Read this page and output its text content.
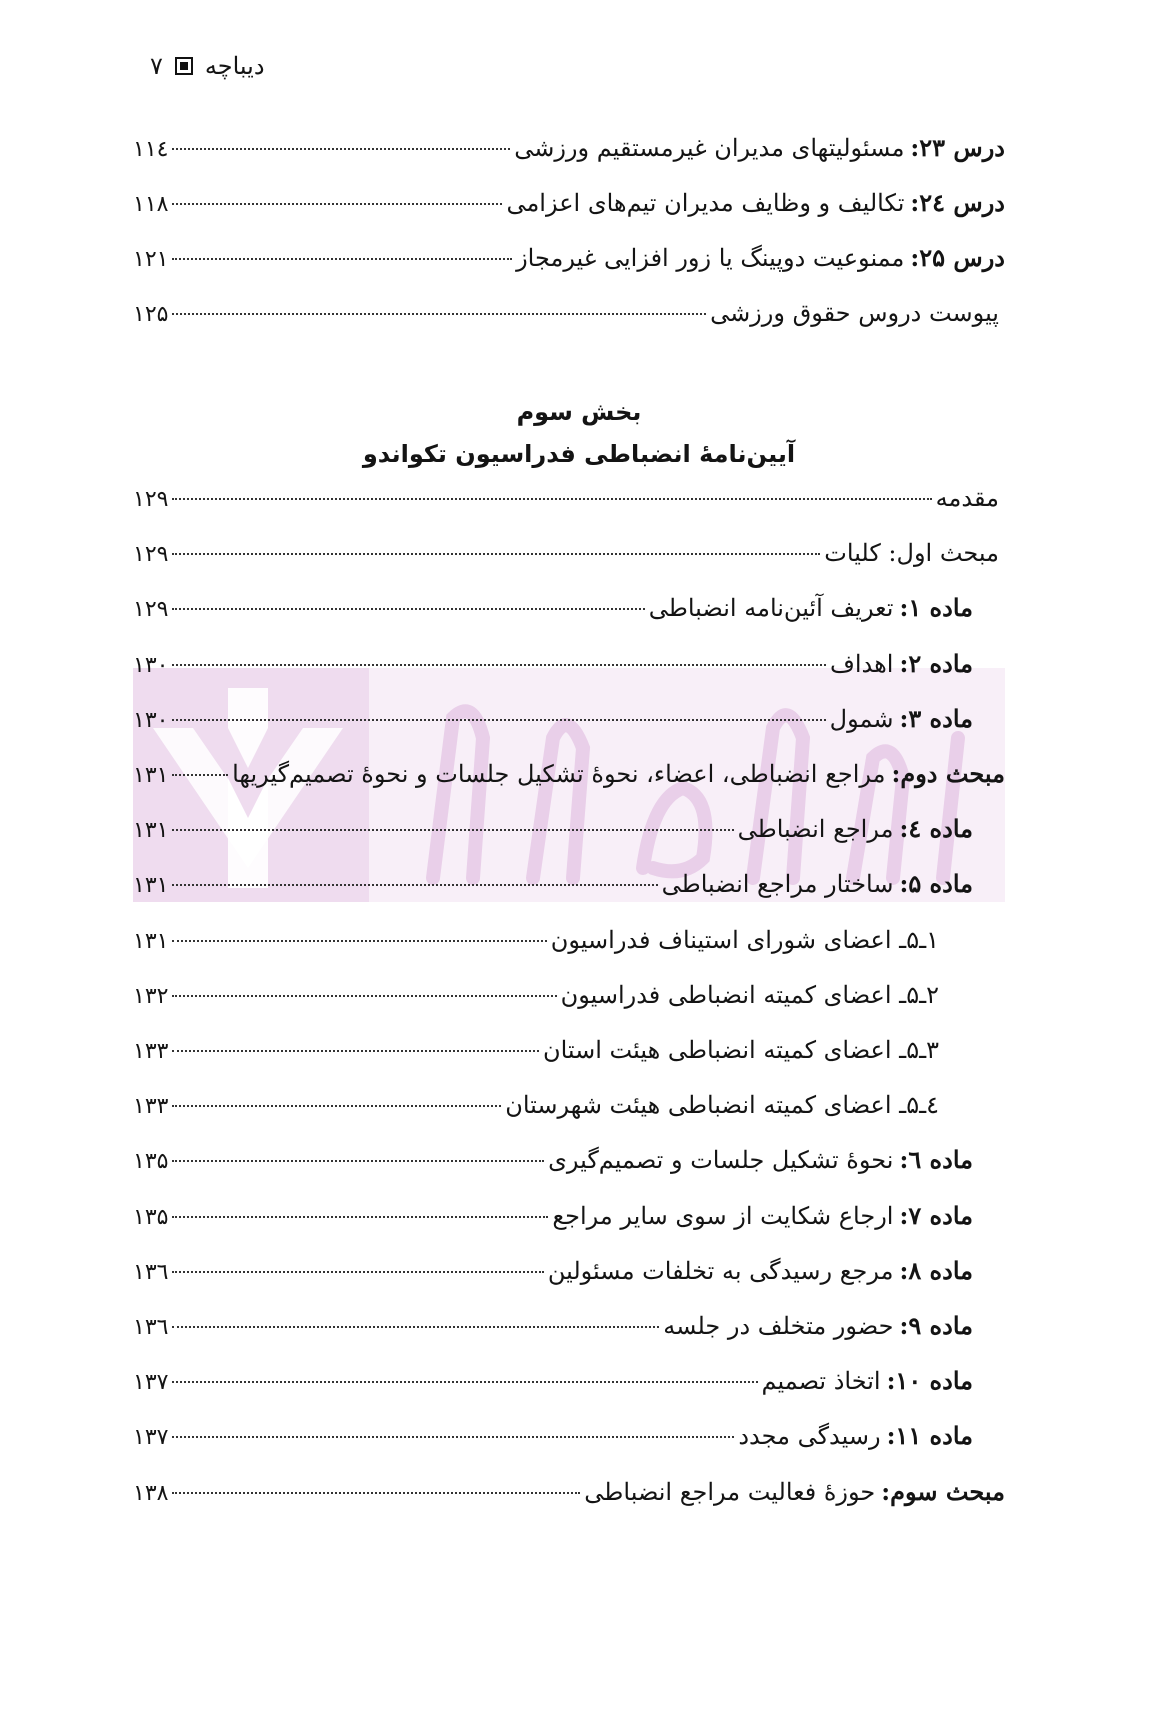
دیباچه
۷
درس ۲۳:
مسئولیتهای مدیران غیرمستقیم ورزشی
۱۱٤
درس ۲٤:
تکالیف و وظایف مدیران تیم‌های اعزامی
۱۱۸
درس ۲۵:
ممنوعیت دوپینگ یا زور افزایی غیرمجاز
۱۲۱
پیوست دروس حقوق ورزشی
۱۲۵
بخش سوم
آیین‌نامهٔ انضباطی فدراسیون تکواندو
مقدمه
۱۲۹
مبحث اول: کلیات
۱۲۹
ماده ۱:
تعریف آئین‌نامه انضباطی
۱۲۹
ماده ۲:
اهداف
۱۳۰
ماده ۳:
شمول
۱۳۰
مبحث دوم:
مراجع انضباطی، اعضاء، نحوهٔ تشکیل جلسات و نحوهٔ تصمیم‌گیریها
۱۳۱
ماده ٤:
مراجع انضباطی
۱۳۱
ماده ۵:
ساختار مراجع انضباطی
۱۳۱
۱ـ۵ـ اعضای شورای استیناف فدراسیون
۱۳۱
۲ـ۵ـ اعضای کمیته انضباطی فدراسیون
۱۳۲
۳ـ۵ـ اعضای کمیته انضباطی هیئت استان
۱۳۳
٤ـ۵ـ اعضای کمیته انضباطی هیئت شهرستان
۱۳۳
ماده ٦:
نحوهٔ تشکیل جلسات و تصمیم‌گیری
۱۳۵
ماده ۷:
ارجاع شکایت از سوی سایر مراجع
۱۳۵
ماده ۸:
مرجع رسیدگی به تخلفات مسئولین
۱۳٦
ماده ۹:
حضور متخلف در جلسه
۱۳٦
ماده ۱۰:
اتخاذ تصمیم
۱۳۷
ماده ۱۱:
رسیدگی مجدد
۱۳۷
مبحث سوم:
حوزهٔ فعالیت مراجع انضباطی
۱۳۸
